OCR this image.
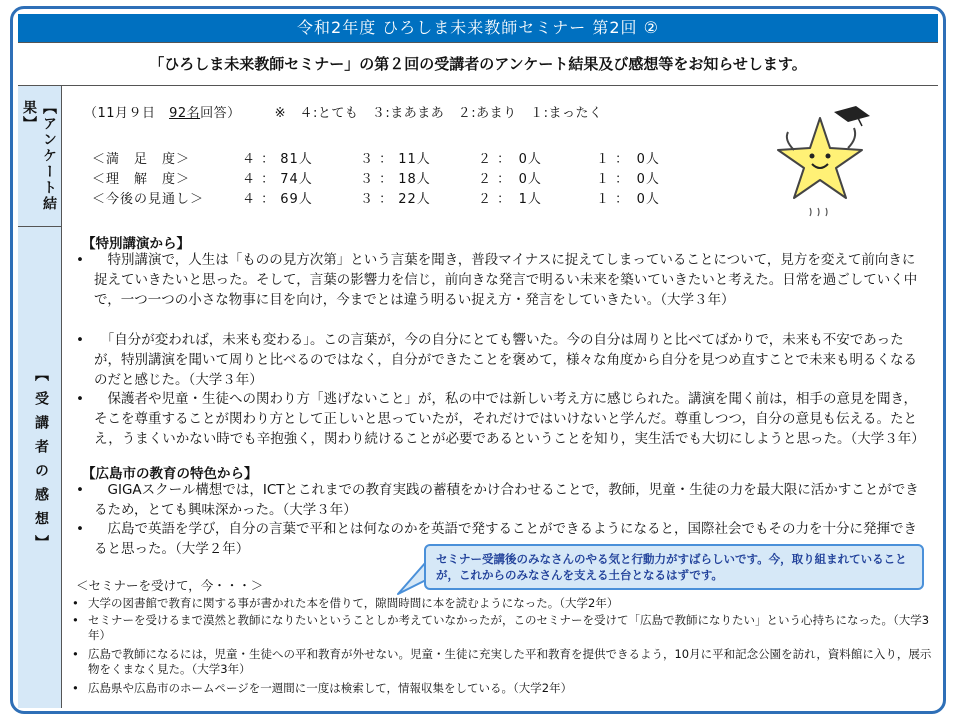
令和2年度 ひろしま未来教師セミナー 第2回 ②
「ひろしま未来教師セミナー」の第２回の受講者のアンケート結果及び感想等をお知らせします。
【アンケート結果】	（11月９日　 92名回答）　　　	※　４:とても　３:まあまあ　２:あまり　１:まったく
＜満　足　度＞	４ ： 81人	３ ： 11人	２ ：　0人	１ ：　0人
＜理　解　度＞	４ ： 74人	３ ： 18人	２ ：　0人	１ ：　0人
＜今後の見通し＞	４ ： 69人	３ ： 22人	２ ：　1人	１ ：　0人
【受講者の感想】
【特別講演から】
• 　特別講演で，人生は「ものの見方次第」という言葉を聞き，普段マイナスに捉えてしまっていることについて，見方を変えて前向きに捉えていきたいと思った。そして，言葉の影響力を信じ，前向きな発言で明るい未来を築いていきたいと考えた。日常を過ごしていく中で，一つ一つの小さな物事に目を向け，今までとは違う明るい捉え方・発言をしていきたい。（大学３年）
• 　「自分が変われば，未来も変わる」。この言葉が，今の自分にとても響いた。今の自分は周りと比べてばかりで，未来も不安であったが，特別講演を聞いて周りと比べるのではなく，自分ができたことを褒めて，様々な角度から自分を見つめ直すことで未来も明るくなるのだと感じた。（大学３年）
• 　保護者や児童・生徒への関わり方「逃げないこと」が，私の中では新しい考え方に感じられた。講演を聞く前は，相手の意見を聞き，そこを尊重することが関わり方として正しいと思っていたが，それだけではいけないと学んだ。尊重しつつ，自分の意見も伝える。たとえ，うまくいかない時でも辛抱強く，関わり続けることが必要であるということを知り，実生活でも大切にしようと思った。（大学３年）
【広島市の教育の特色から】
• 　GIGAスクール構想では，ICTとこれまでの教育実践の蓄積をかけ合わせることで，教師，児童・生徒の力を最大限に活かすことができるため，とても興味深かった。（大学３年）
• 　広島で英語を学び，自分の言葉で平和とは何なのかを英語で発することができるようになると，国際社会でもその力を十分に発揮できると思った。（大学２年）
セミナー受講後のみなさんのやる気と行動力がすばらしいです。今，取り組まれていることが，これからのみなさんを支える土台となるはずです。
＜セミナーを受けて，今・・・＞
• 大学の図書館で教育に関する事が書かれた本を借りて，隙間時間に本を読むようになった。（大学2年）
• セミナーを受けるまで漠然と教師になりたいということしか考えていなかったが，このセミナーを受けて「広島で教師になりたい」という心持ちになった。（大学3年）
• 広島で教師になるには，児童・生徒への平和教育が外せない。児童・生徒に充実した平和教育を提供できるよう，10月に平和記念公園を訪れ，資料館に入り，展示物をくまなく見た。（大学3年）
• 広島県や広島市のホームページを一週間に一度は検索して，情報収集をしている。（大学2年）
